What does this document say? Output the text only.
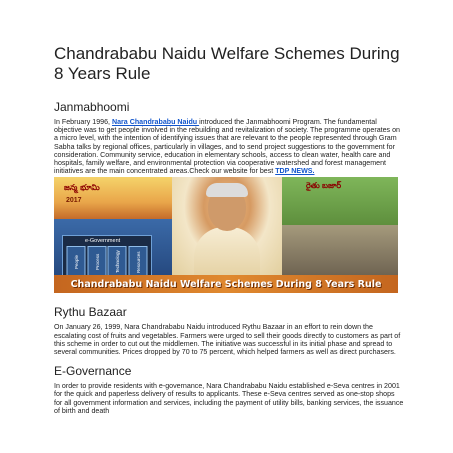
Chandrababu Naidu Welfare Schemes During 8 Years Rule
Janmabhoomi

In February 1996, Nara Chandrababu Naidu introduced the Janmabhoomi Program. The fundamental objective was to get people involved in the rebuilding and revitalization of society. The programme operates on a micro level, with the intention of identifying issues that are relevant to the people represented through Gram Sabha talks by regional offices, particularly in villages, and to send project suggestions to the government for consideration. Community service, education in elementary schools, access to clean water, health care and hospitals, family welfare, and environmental protection via cooperative watershed and forest management initiatives are the main concentrated areas.Check our website for best TDP NEWS.

జన్మ భూమి
2017
e-Government
People	Process	Technology	Resources
రైతు బజార్
Chandrababu Naidu Welfare Schemes During 8 Years Rule
Rythu Bazaar

On January 26, 1999, Nara Chandrababu Naidu introduced Rythu Bazaar in an effort to rein down the escalating cost of fruits and vegetables. Farmers were urged to sell their goods directly to customers as part of this scheme in order to cut out the middlemen. The initiative was successful in its initial phase and spread to several communities. Prices dropped by 70 to 75 percent, which helped farmers as well as direct purchasers.

E-Governance

In order to provide residents with e-governance, Nara Chandrababu Naidu established e-Seva centres in 2001 for the quick and paperless delivery of results to applicants. These e-Seva centres served as one-stop shops for all government information and services, including the payment of utility bills, banking services, the issuance of birth and death
